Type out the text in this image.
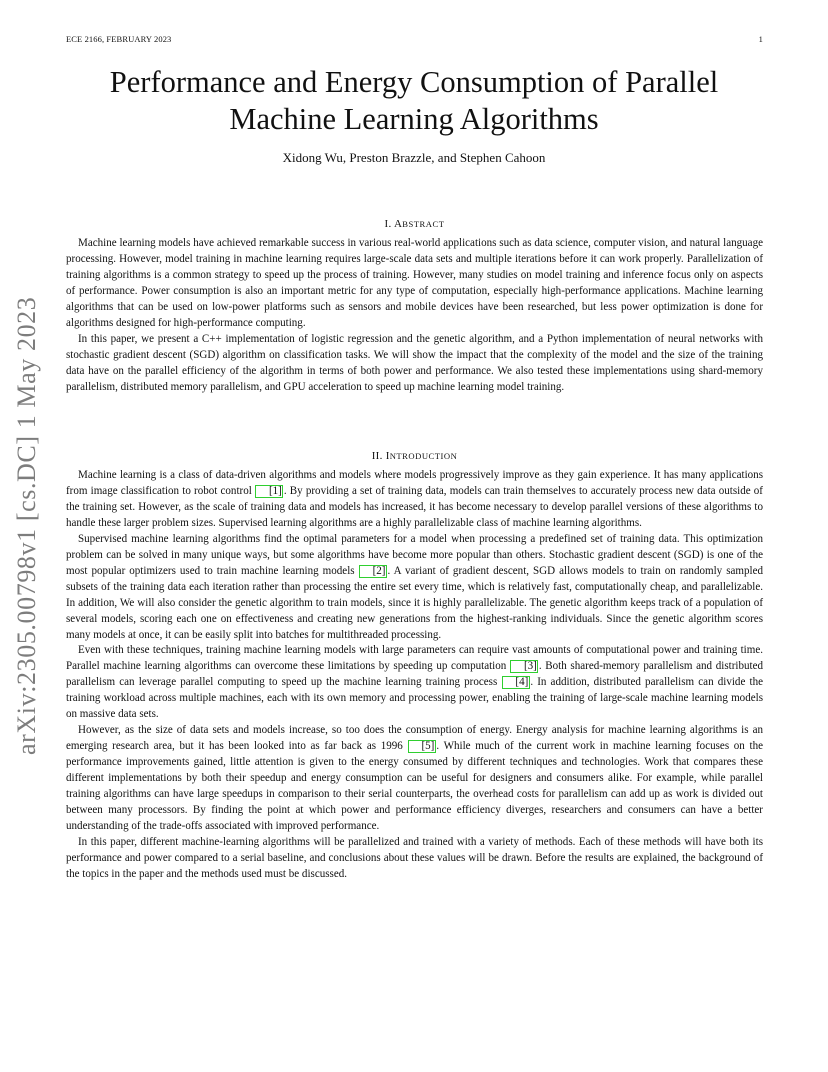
ECE 2166, FEBRUARY 2023	1
Performance and Energy Consumption of Parallel Machine Learning Algorithms
Xidong Wu, Preston Brazzle, and Stephen Cahoon
arXiv:2305.00798v1 [cs.DC] 1 May 2023
I. ABSTRACT

Machine learning models have achieved remarkable success in various real-world applications such as data science, computer vision, and natural language processing. However, model training in machine learning requires large-scale data sets and multiple iterations before it can work properly. Parallelization of training algorithms is a common strategy to speed up the process of training. However, many studies on model training and inference focus only on aspects of performance. Power consumption is also an important metric for any type of computation, especially high-performance applications. Machine learning algorithms that can be used on low-power platforms such as sensors and mobile devices have been researched, but less power optimization is done for algorithms designed for high-performance computing.

In this paper, we present a C++ implementation of logistic regression and the genetic algorithm, and a Python implementation of neural networks with stochastic gradient descent (SGD) algorithm on classification tasks. We will show the impact that the complexity of the model and the size of the training data have on the parallel efficiency of the algorithm in terms of both power and performance. We also tested these implementations using shard-memory parallelism, distributed memory parallelism, and GPU acceleration to speed up machine learning model training.

II. INTRODUCTION

Machine learning is a class of data-driven algorithms and models where models progressively improve as they gain experience. It has many applications from image classification to robot control [1] . By providing a set of training data, models can train themselves to accurately process new data outside of the training set. However, as the scale of training data and models has increased, it has become necessary to develop parallel versions of these algorithms to handle these larger problem sizes. Supervised learning algorithms are a highly parallelizable class of machine learning algorithms.

Supervised machine learning algorithms find the optimal parameters for a model when processing a predefined set of training data. This optimization problem can be solved in many unique ways, but some algorithms have become more popular than others. Stochastic gradient descent (SGD) is one of the most popular optimizers used to train machine learning models [2] . A variant of gradient descent, SGD allows models to train on randomly sampled subsets of the training data each iteration rather than processing the entire set every time, which is relatively fast, computationally cheap, and parallelizable. In addition, We will also consider the genetic algorithm to train models, since it is highly parallelizable. The genetic algorithm keeps track of a population of several models, scoring each one on effectiveness and creating new generations from the highest-ranking individuals. Since the genetic algorithm scores many models at once, it can be easily split into batches for multithreaded processing.

Even with these techniques, training machine learning models with large parameters can require vast amounts of computational power and training time. Parallel machine learning algorithms can overcome these limitations by speeding up computation [3] . Both shared-memory parallelism and distributed parallelism can leverage parallel computing to speed up the machine learning training process [4] . In addition, distributed parallelism can divide the training workload across multiple machines, each with its own memory and processing power, enabling the training of large-scale machine learning models on massive data sets.

However, as the size of data sets and models increase, so too does the consumption of energy. Energy analysis for machine learning algorithms is an emerging research area, but it has been looked into as far back as 1996 [5] . While much of the current work in machine learning focuses on the performance improvements gained, little attention is given to the energy consumed by different techniques and technologies. Work that compares these different implementations by both their speedup and energy consumption can be useful for designers and consumers alike. For example, while parallel training algorithms can have large speedups in comparison to their serial counterparts, the overhead costs for parallelism can add up as work is divided out between many processors. By finding the point at which power and performance efficiency diverges, researchers and consumers can have a better understanding of the trade-offs associated with improved performance.

In this paper, different machine-learning algorithms will be parallelized and trained with a variety of methods. Each of these methods will have both its performance and power compared to a serial baseline, and conclusions about these values will be drawn. Before the results are explained, the background of the topics in the paper and the methods used must be discussed.
